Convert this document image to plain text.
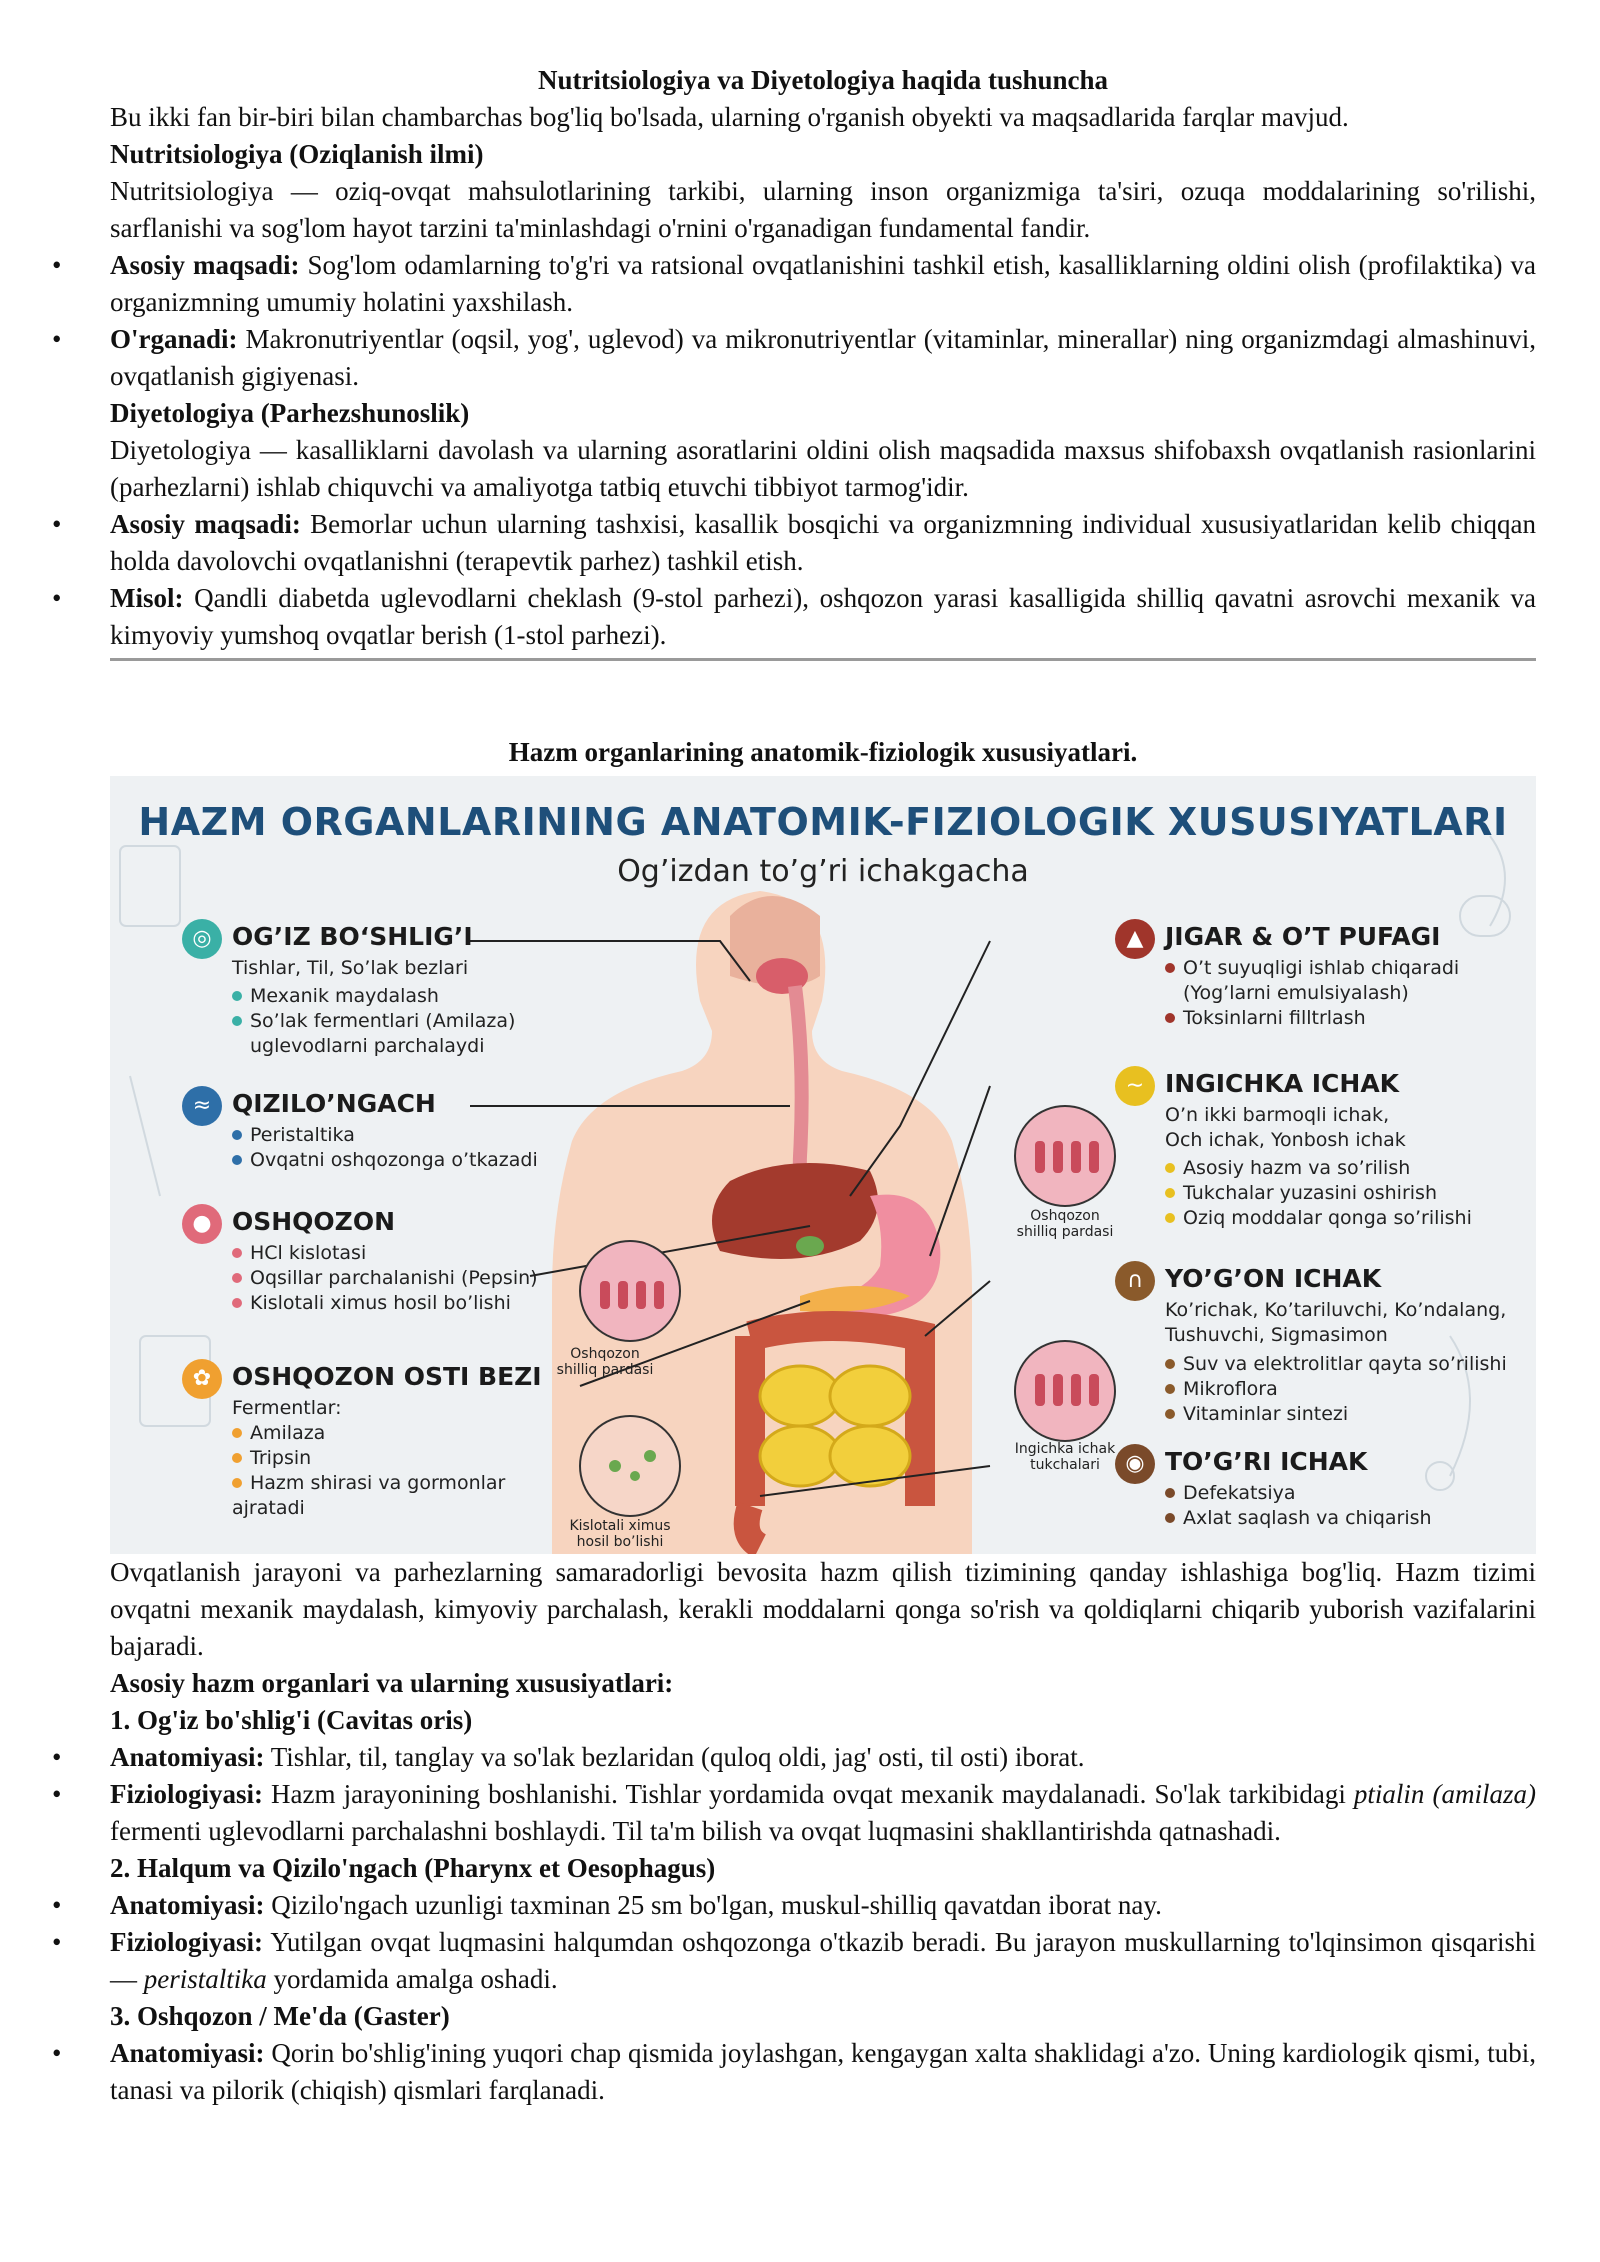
Nutritsiologiya va Diyetologiya haqida tushuncha

Bu ikki fan bir-biri bilan chambarchas bog'liq bo'lsada, ularning o'rganish obyekti va maqsadlarida farqlar mavjud.

Nutritsiologiya (Oziqlanish ilmi)

Nutritsiologiya — oziq-ovqat mahsulotlarining tarkibi, ularning inson organizmiga ta'siri, ozuqa moddalarining so'rilishi, sarflanishi va sog'lom hayot tarzini ta'minlashdagi o'rnini o'rganadigan fundamental fandir.

• Asosiy maqsadi: Sog'lom odamlarning to'g'ri va ratsional ovqatlanishini tashkil etish, kasalliklarning oldini olish (profilaktika) va organizmning umumiy holatini yaxshilash.
• O'rganadi: Makronutriyentlar (oqsil, yog', uglevod) va mikronutriyentlar (vitaminlar, minerallar) ning organizmdagi almashinuvi, ovqatlanish gigiyenasi.
Diyetologiya (Parhezshunoslik)

Diyetologiya — kasalliklarni davolash va ularning asoratlarini oldini olish maqsadida maxsus shifobaxsh ovqatlanish rasionlarini (parhezlarni) ishlab chiquvchi va amaliyotga tatbiq etuvchi tibbiyot tarmog'idir.

• Asosiy maqsadi: Bemorlar uchun ularning tashxisi, kasallik bosqichi va organizmning individual xususiyatlaridan kelib chiqqan holda davolovchi ovqatlanishni (terapevtik parhez) tashkil etish.
• Misol: Qandli diabetda uglevodlarni cheklash (9-stol parhezi), oshqozon yarasi kasalligida shilliq qavatni asrovchi mexanik va kimyoviy yumshoq ovqatlar berish (1-stol parhezi).
Hazm organlarining anatomik-fiziologik xususiyatlari.
HAZM ORGANLARINING ANATOMIK-FIZIOLOGIK XUSUSIYATLARI
Og’izdan to’g’ri ichakgacha
◎ OG’IZ BO‘SHLIG’I
Tishlar, Til, So’lak bezlari
Mexanik maydalash
So’lak fermentlari (Amilaza)
uglevodlarni parchalaydi
≈ QIZILO’NGACH
Peristaltika
Ovqatni oshqozonga o’tkazadi
● OSHQOZON
HCl kislotasi
Oqsillar parchalanishi (Pepsin)
Kislotali ximus hosil bo’lishi
✿ OSHQOZON OSTI BEZI
Fermentlar:
Amilaza
Tripsin
Hazm shirasi va gormonlar
ajratadi
▲ JIGAR & O’T PUFAGI
O’t suyuqligi ishlab chiqaradi
(Yog’larni emulsiyalash)
Toksinlarni filltrlash
∼ INGICHKA ICHAK
O’n ikki barmoqli ichak, Och ichak, Yonbosh ichak
Asosiy hazm va so’rilish
Tukchalar yuzasini oshirish
Oziq moddalar qonga so’rilishi
∩ YO’G’ON ICHAK
Ko’richak, Ko’tariluvchi, Ko’ndalang, Tushuvchi, Sigmasimon
Suv va elektrolitlar qayta so’rilishi
Mikroflora
Vitaminlar sintezi
◉ TO’G’RI ICHAK
Defekatsiya
Axlat saqlash va chiqarish
Oshqozon shilliq pardasi
Oshqozon shilliq pardasi
Kislotali ximus hosil bo’lishi
Ingichka ichak tukchalari

Ovqatlanish jarayoni va parhezlarning samaradorligi bevosita hazm qilish tizimining qanday ishlashiga bog'liq. Hazm tizimi ovqatni mexanik maydalash, kimyoviy parchalash, kerakli moddalarni qonga so'rish va qoldiqlarni chiqarib yuborish vazifalarini bajaradi.

Asosiy hazm organlari va ularning xususiyatlari:
1. Og'iz bo'shlig'i (Cavitas oris)
• Anatomiyasi: Tishlar, til, tanglay va so'lak bezlaridan (quloq oldi, jag' osti, til osti) iborat.
• Fiziologiyasi: Hazm jarayonining boshlanishi. Tishlar yordamida ovqat mexanik maydalanadi. So'lak tarkibidagi ptialin (amilaza) fermenti uglevodlarni parchalashni boshlaydi. Til ta'm bilish va ovqat luqmasini shakllantirishda qatnashadi.
2. Halqum va Qizilo'ngach (Pharynx et Oesophagus)
• Anatomiyasi: Qizilo'ngach uzunligi taxminan 25 sm bo'lgan, muskul-shilliq qavatdan iborat nay.
• Fiziologiyasi: Yutilgan ovqat luqmasini halqumdan oshqozonga o'tkazib beradi. Bu jarayon muskullarning to'lqinsimon qisqarishi — peristaltika yordamida amalga oshadi.
3. Oshqozon / Me'da (Gaster)
• Anatomiyasi: Qorin bo'shlig'ining yuqori chap qismida joylashgan, kengaygan xalta shaklidagi a'zo. Uning kardiologik qismi, tubi, tanasi va pilorik (chiqish) qismlari farqlanadi.
